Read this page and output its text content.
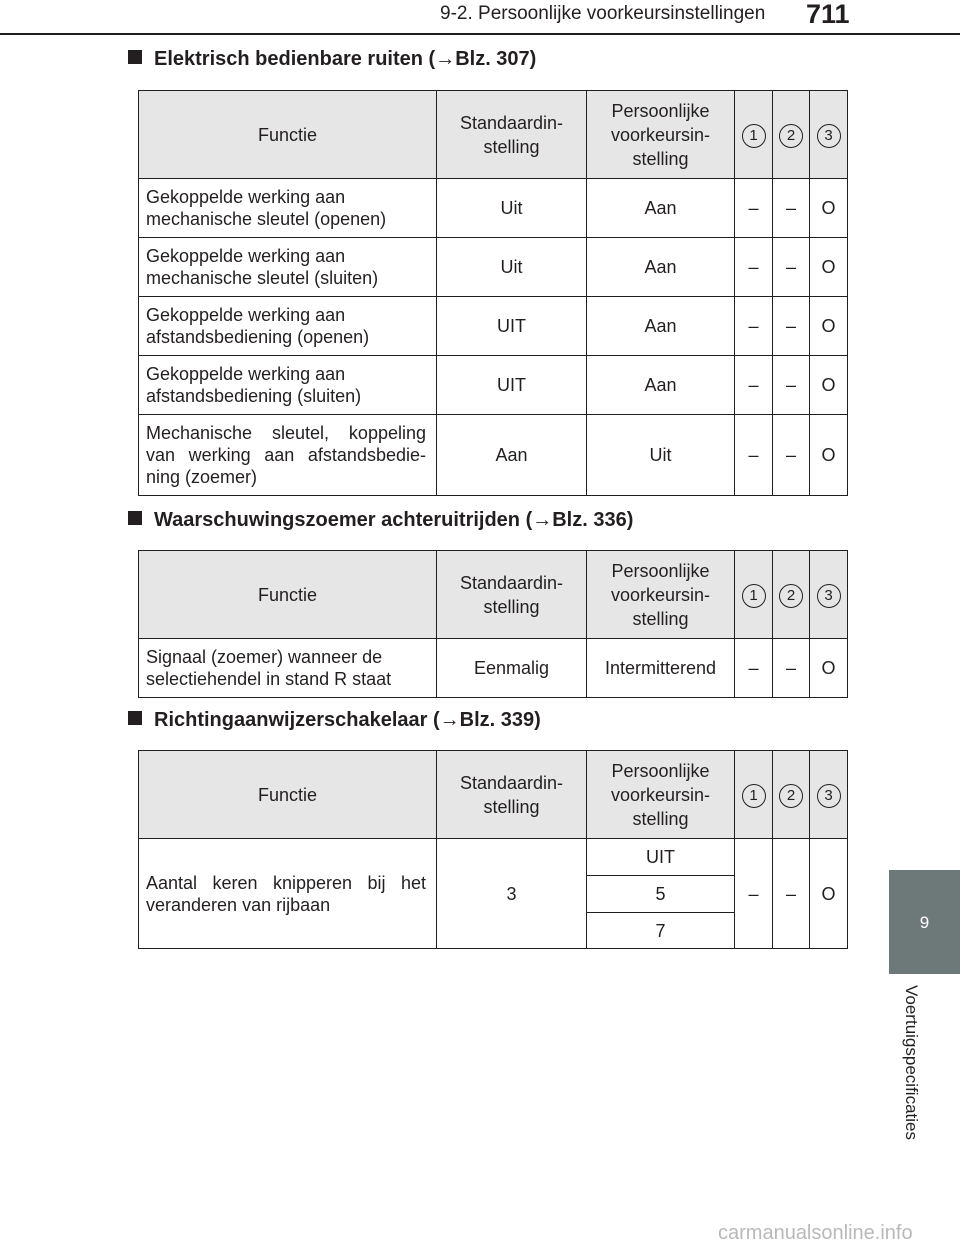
9-2. Persoonlijke voorkeursinstellingen 711
9
Voertuigspecificaties
Elektrisch bedienbare ruiten (→Blz. 307)
Functie	Standaardin-stelling	Persoonlijke voorkeursin-stelling	1	2	3
Gekoppelde werking aan mechanische sleutel (openen)	Uit	Aan	–	–	O
Gekoppelde werking aan mechanische sleutel (sluiten)	Uit	Aan	–	–	O
Gekoppelde werking aan afstandsbediening (openen)	UIT	Aan	–	–	O
Gekoppelde werking aan afstandsbediening (sluiten)	UIT	Aan	–	–	O
Mechanische sleutel, koppeling van werking aan afstandsbedie-ning (zoemer)	Aan	Uit	–	–	O
Waarschuwingszoemer achteruitrijden (→Blz. 336)
Functie	Standaardin-stelling	Persoonlijke voorkeursin-stelling	1	2	3
Signaal (zoemer) wanneer de selectiehendel in stand R staat	Eenmalig	Intermitterend	–	–	O
Richtingaanwijzerschakelaar (→Blz. 339)
Functie	Standaardin-stelling	Persoonlijke voorkeursin-stelling	1	2	3
Aantal keren knipperen bij het veranderen van rijbaan	3	UIT	–	–	O
		5			
		7			
carmanualsonline.info
